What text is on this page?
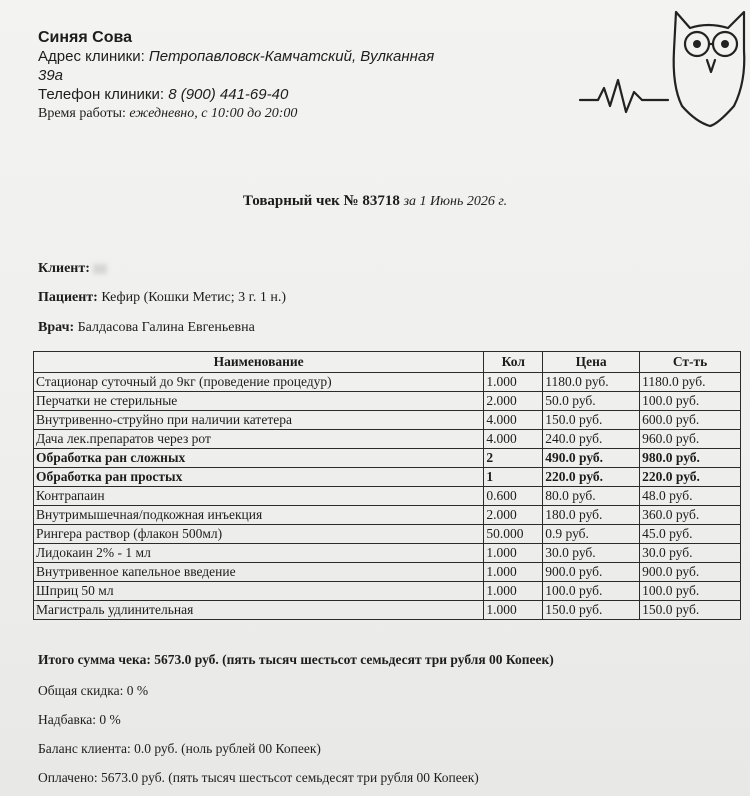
Синяя Сова
Адрес клиники: Петропавловск-Камчатский, Вулканная
39а
Телефон клиники: 8 (900) 441-69-40
Время работы: ежедневно, с 10:00 до 20:00
Товарный чек № 83718 за 1 Июнь 2026 г.
Клиент:
Пациент: Кефир (Кошки Метис; 3 г. 1 н.)
Врач: Балдасова Галина Евгеньевна
Наименование	Кол	Цена	Ст-ть
Стационар суточный до 9кг (проведение процедур)	1.000	1180.0 руб.	1180.0 руб.
Перчатки не стерильные	2.000	50.0 руб.	100.0 руб.
Внутривенно-струйно при наличии катетера	4.000	150.0 руб.	600.0 руб.
Дача лек.препаратов через рот	4.000	240.0 руб.	960.0 руб.
Обработка ран сложных	2	490.0 руб.	980.0 руб.
Обработка ран простых	1	220.0 руб.	220.0 руб.
Контрапаин	0.600	80.0 руб.	48.0 руб.
Внутримышечная/подкожная инъекция	2.000	180.0 руб.	360.0 руб.
Рингера раствор (флакон 500мл)	50.000	0.9 руб.	45.0 руб.
Лидокаин 2% - 1 мл	1.000	30.0 руб.	30.0 руб.
Внутривенное капельное введение	1.000	900.0 руб.	900.0 руб.
Шприц 50 мл	1.000	100.0 руб.	100.0 руб.
Магистраль удлинительная	1.000	150.0 руб.	150.0 руб.
Итого сумма чека: 5673.0 руб. (пять тысяч шестьсот семьдесят три рубля 00 Копеек)
Общая скидка: 0 %
Надбавка: 0 %
Баланс клиента: 0.0 руб. (ноль рублей 00 Копеек)
Оплачено: 5673.0 руб. (пять тысяч шестьсот семьдесят три рубля 00 Копеек)
